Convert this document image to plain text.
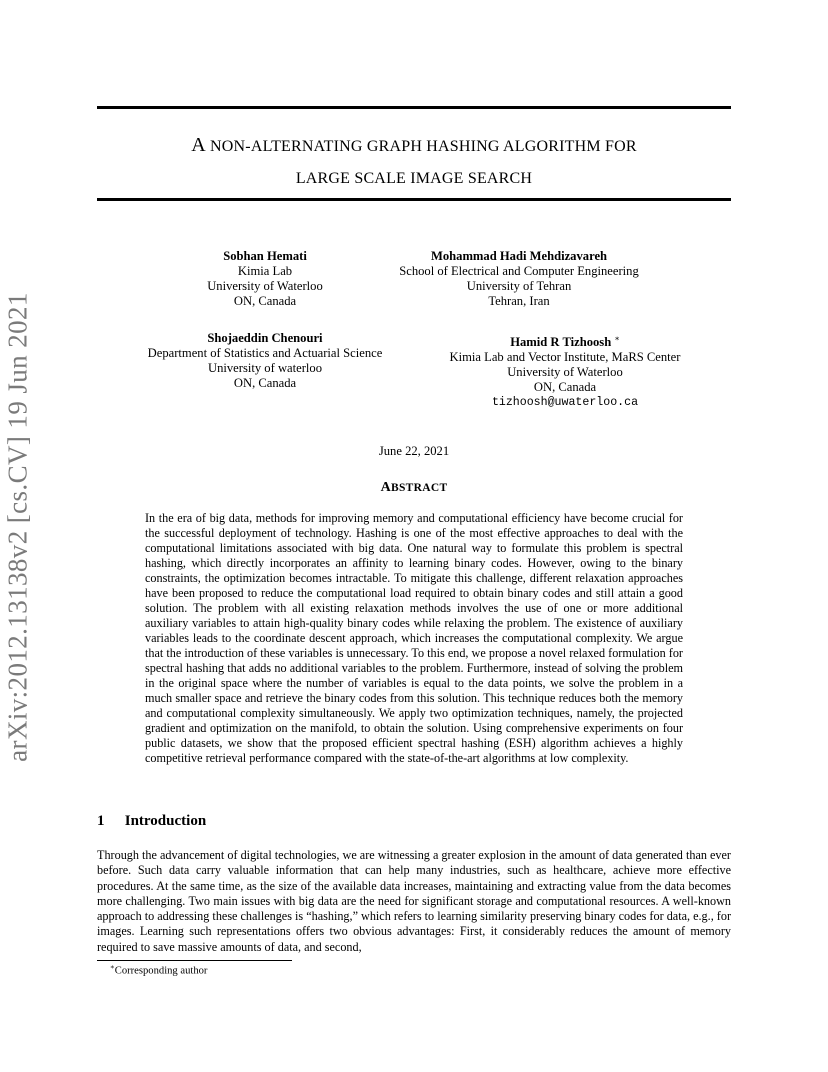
arXiv:2012.13138v2 [cs.CV] 19 Jun 2021
A NON-ALTERNATING GRAPH HASHING ALGORITHM FOR
LARGE SCALE IMAGE SEARCH
Sobhan Hemati
Kimia Lab
University of Waterloo
ON, Canada
Mohammad Hadi Mehdizavareh
School of Electrical and Computer Engineering
University of Tehran
Tehran, Iran
Shojaeddin Chenouri
Department of Statistics and Actuarial Science
University of waterloo
ON, Canada
Hamid R Tizhoosh ∗
Kimia Lab and Vector Institute, MaRS Center
University of Waterloo
ON, Canada
tizhoosh@uwaterloo.ca
June 22, 2021
ABSTRACT
In the era of big data, methods for improving memory and computational efficiency have become crucial for the successful deployment of technology. Hashing is one of the most effective approaches to deal with the computational limitations associated with big data. One natural way to formulate this problem is spectral hashing, which directly incorporates an affinity to learning binary codes. However, owing to the binary constraints, the optimization becomes intractable. To mitigate this challenge, different relaxation approaches have been proposed to reduce the computational load required to obtain binary codes and still attain a good solution. The problem with all existing relaxation methods involves the use of one or more additional auxiliary variables to attain high-quality binary codes while relaxing the problem. The existence of auxiliary variables leads to the coordinate descent approach, which increases the computational complexity. We argue that the introduction of these variables is unnecessary. To this end, we propose a novel relaxed formulation for spectral hashing that adds no additional variables to the problem. Furthermore, instead of solving the problem in the original space where the number of variables is equal to the data points, we solve the problem in a much smaller space and retrieve the binary codes from this solution. This technique reduces both the memory and computational complexity simultaneously. We apply two optimization techniques, namely, the projected gradient and optimization on the manifold, to obtain the solution. Using comprehensive experiments on four public datasets, we show that the proposed efficient spectral hashing (ESH) algorithm achieves a highly competitive retrieval performance compared with the state-of-the-art algorithms at low complexity.
1 Introduction
Through the advancement of digital technologies, we are witnessing a greater explosion in the amount of data generated than ever before. Such data carry valuable information that can help many industries, such as healthcare, achieve more effective procedures. At the same time, as the size of the available data increases, maintaining and extracting value from the data becomes more challenging. Two main issues with big data are the need for significant storage and computational resources. A well-known approach to addressing these challenges is “hashing,” which refers to learning similarity preserving binary codes for data, e.g., for images. Learning such representations offers two obvious advantages: First, it considerably reduces the amount of memory required to save massive amounts of data, and second,
∗Corresponding author
